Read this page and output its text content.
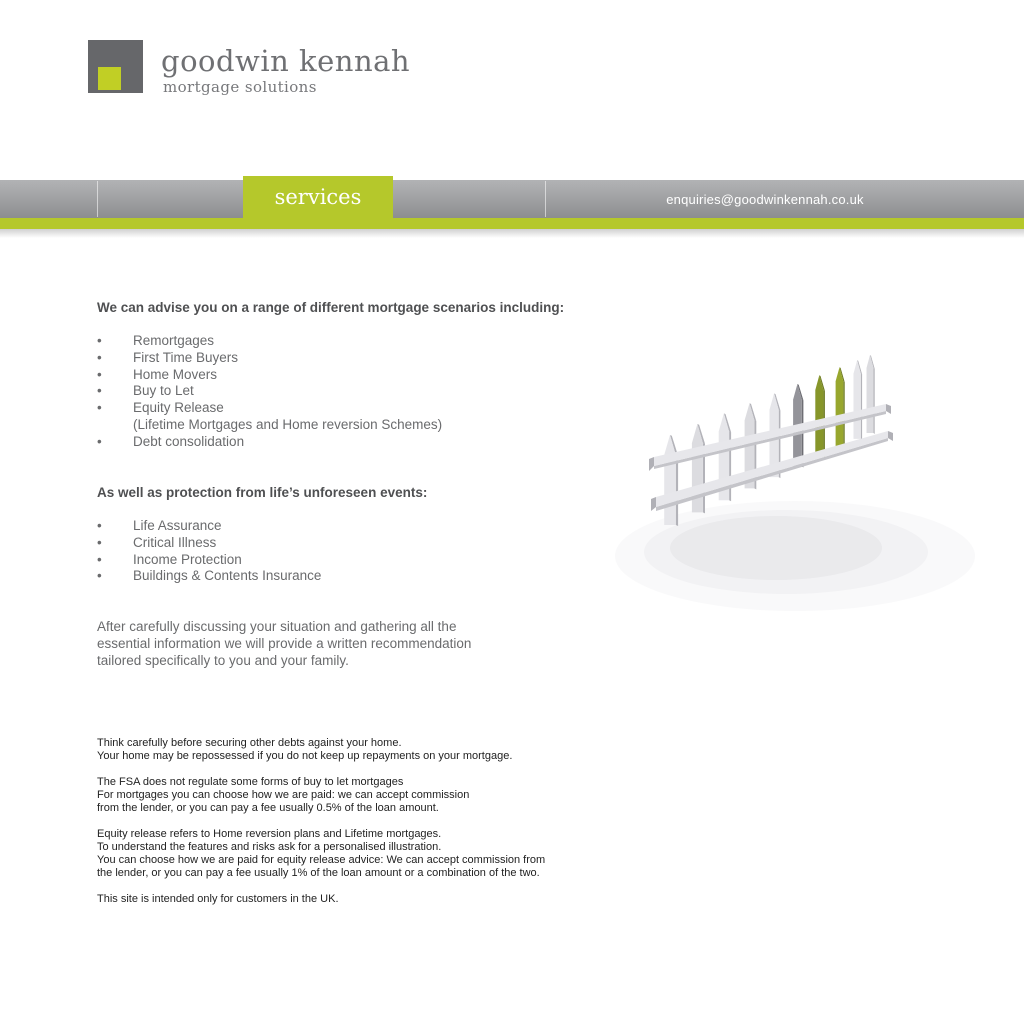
goodwin kennah
mortgage solutions
home	contact
services	enquiries@goodwinkennah.co.uk
We can advise you on a range of different mortgage scenarios including:
•	Remortgages
•	First Time Buyers
•	Home Movers
•	Buy to Let
•	Equity Release
(Lifetime Mortgages and Home reversion Schemes)
•	Debt consolidation
As well as protection from life’s unforeseen events:
•	Life Assurance
•	Critical Illness
•	Income Protection
•	Buildings & Contents Insurance
After carefully discussing your situation and gathering all the
essential information we will provide a written recommendation
tailored specifically to you and your family.
Think carefully before securing other debts against your home.
Your home may be repossessed if you do not keep up repayments on your mortgage.
The FSA does not regulate some forms of buy to let mortgages
For mortgages you can choose how we are paid: we can accept commission
from the lender, or you can pay a fee usually 0.5% of the loan amount.
Equity release refers to Home reversion plans and Lifetime mortgages.
To understand the features and risks ask for a personalised illustration.
You can choose how we are paid for equity release advice: We can accept commission from
the lender, or you can pay a fee usually 1% of the loan amount or a combination of the two.
This site is intended only for customers in the UK.
